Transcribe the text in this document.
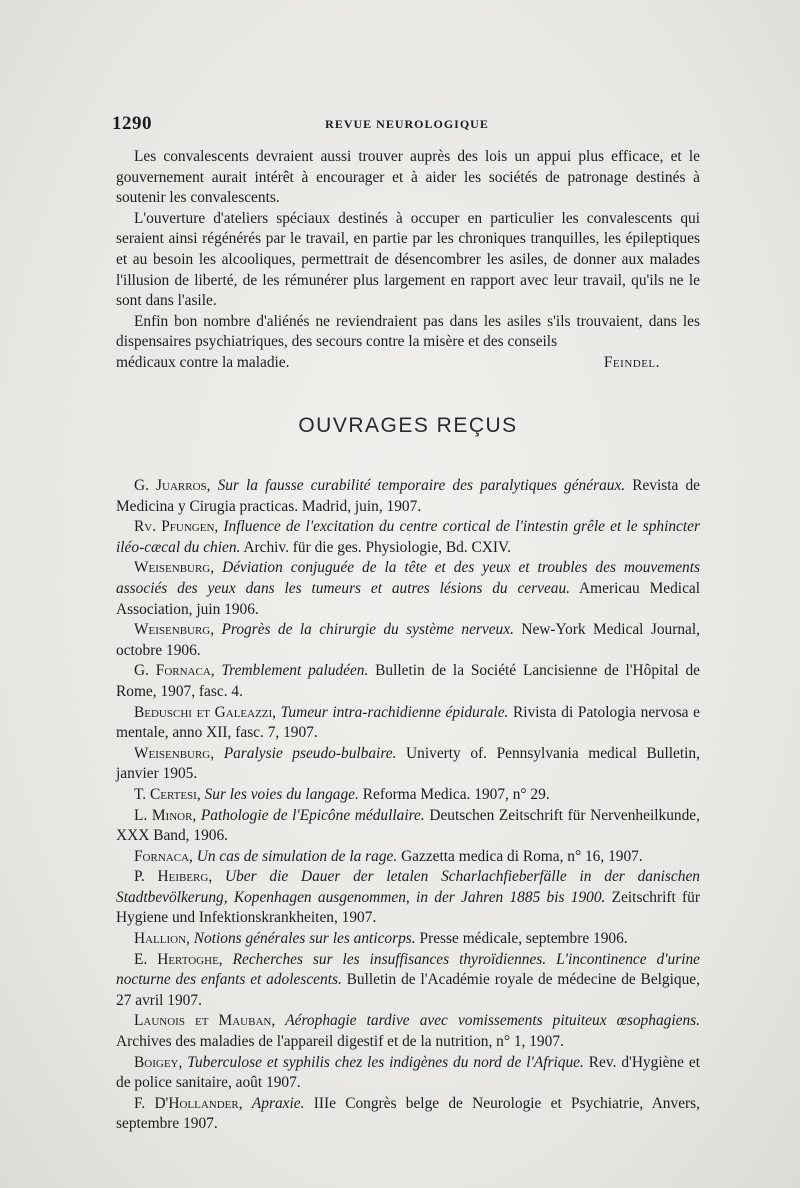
1290	REVUE NEUROLOGIQUE

Les convalescents devraient aussi trouver auprès des lois un appui plus efficace, et le gouvernement aurait intérêt à encourager et à aider les sociétés de patronage destinés à soutenir les convalescents.

L'ouverture d'ateliers spéciaux destinés à occuper en particulier les convalescents qui seraient ainsi régénérés par le travail, en partie par les chroniques tranquilles, les épileptiques et au besoin les alcooliques, permettrait de désencombrer les asiles, de donner aux malades l'illusion de liberté, de les rémunérer plus largement en rapport avec leur travail, qu'ils ne le sont dans l'asile.

Enfin bon nombre d'aliénés ne reviendraient pas dans les asiles s'ils trouvaient, dans les dispensaires psychiatriques, des secours contre la misère et des conseils

médicaux contre la maladie.	Feindel.

OUVRAGES REÇUS

G. Juarros, Sur la fausse curabilité temporaire des paralytiques généraux. Revista de Medicina y Cirugia practicas. Madrid, juin, 1907.

Rv. Pfungen, Influence de l'excitation du centre cortical de l'intestin grêle et le sphincter iléo-cæcal du chien. Archiv. für die ges. Physiologie, Bd. CXIV.

Weisenburg, Déviation conjuguée de la tête et des yeux et troubles des mouvements associés des yeux dans les tumeurs et autres lésions du cerveau. Americau Medical Association, juin 1906.

Weisenburg, Progrès de la chirurgie du système nerveux. New-York Medical Journal, octobre 1906.

G. Fornaca, Tremblement paludéen. Bulletin de la Société Lancisienne de l'Hôpital de Rome, 1907, fasc. 4.

Beduschi et Galeazzi, Tumeur intra-rachidienne épidurale. Rivista di Patologia nervosa e mentale, anno XII, fasc. 7, 1907.

Weisenburg, Paralysie pseudo-bulbaire. Univerty of. Pennsylvania medical Bulletin, janvier 1905.

T. Certesi, Sur les voies du langage. Reforma Medica. 1907, n° 29.

L. Minor, Pathologie de l'Epicône médullaire. Deutschen Zeitschrift für Nervenheilkunde, XXX Band, 1906.

Fornaca, Un cas de simulation de la rage. Gazzetta medica di Roma, n° 16, 1907.

P. Heiberg, Uber die Dauer der letalen Scharlachfieberfälle in der danischen Stadtbevölkerung, Kopenhagen ausgenommen, in der Jahren 1885 bis 1900. Zeitschrift für Hygiene und Infektionskrankheiten, 1907.

Hallion, Notions générales sur les anticorps. Presse médicale, septembre 1906.

E. Hertoghe, Recherches sur les insuffisances thyroïdiennes. L'incontinence d'urine nocturne des enfants et adolescents. Bulletin de l'Académie royale de médecine de Belgique, 27 avril 1907.

Launois et Mauban, Aérophagie tardive avec vomissements pituiteux œsophagiens. Archives des maladies de l'appareil digestif et de la nutrition, n° 1, 1907.

Boigey, Tuberculose et syphilis chez les indigènes du nord de l'Afrique. Rev. d'Hygiène et de police sanitaire, août 1907.

F. D'Hollander, Apraxie. IIIe Congrès belge de Neurologie et Psychiatrie, Anvers, septembre 1907.
